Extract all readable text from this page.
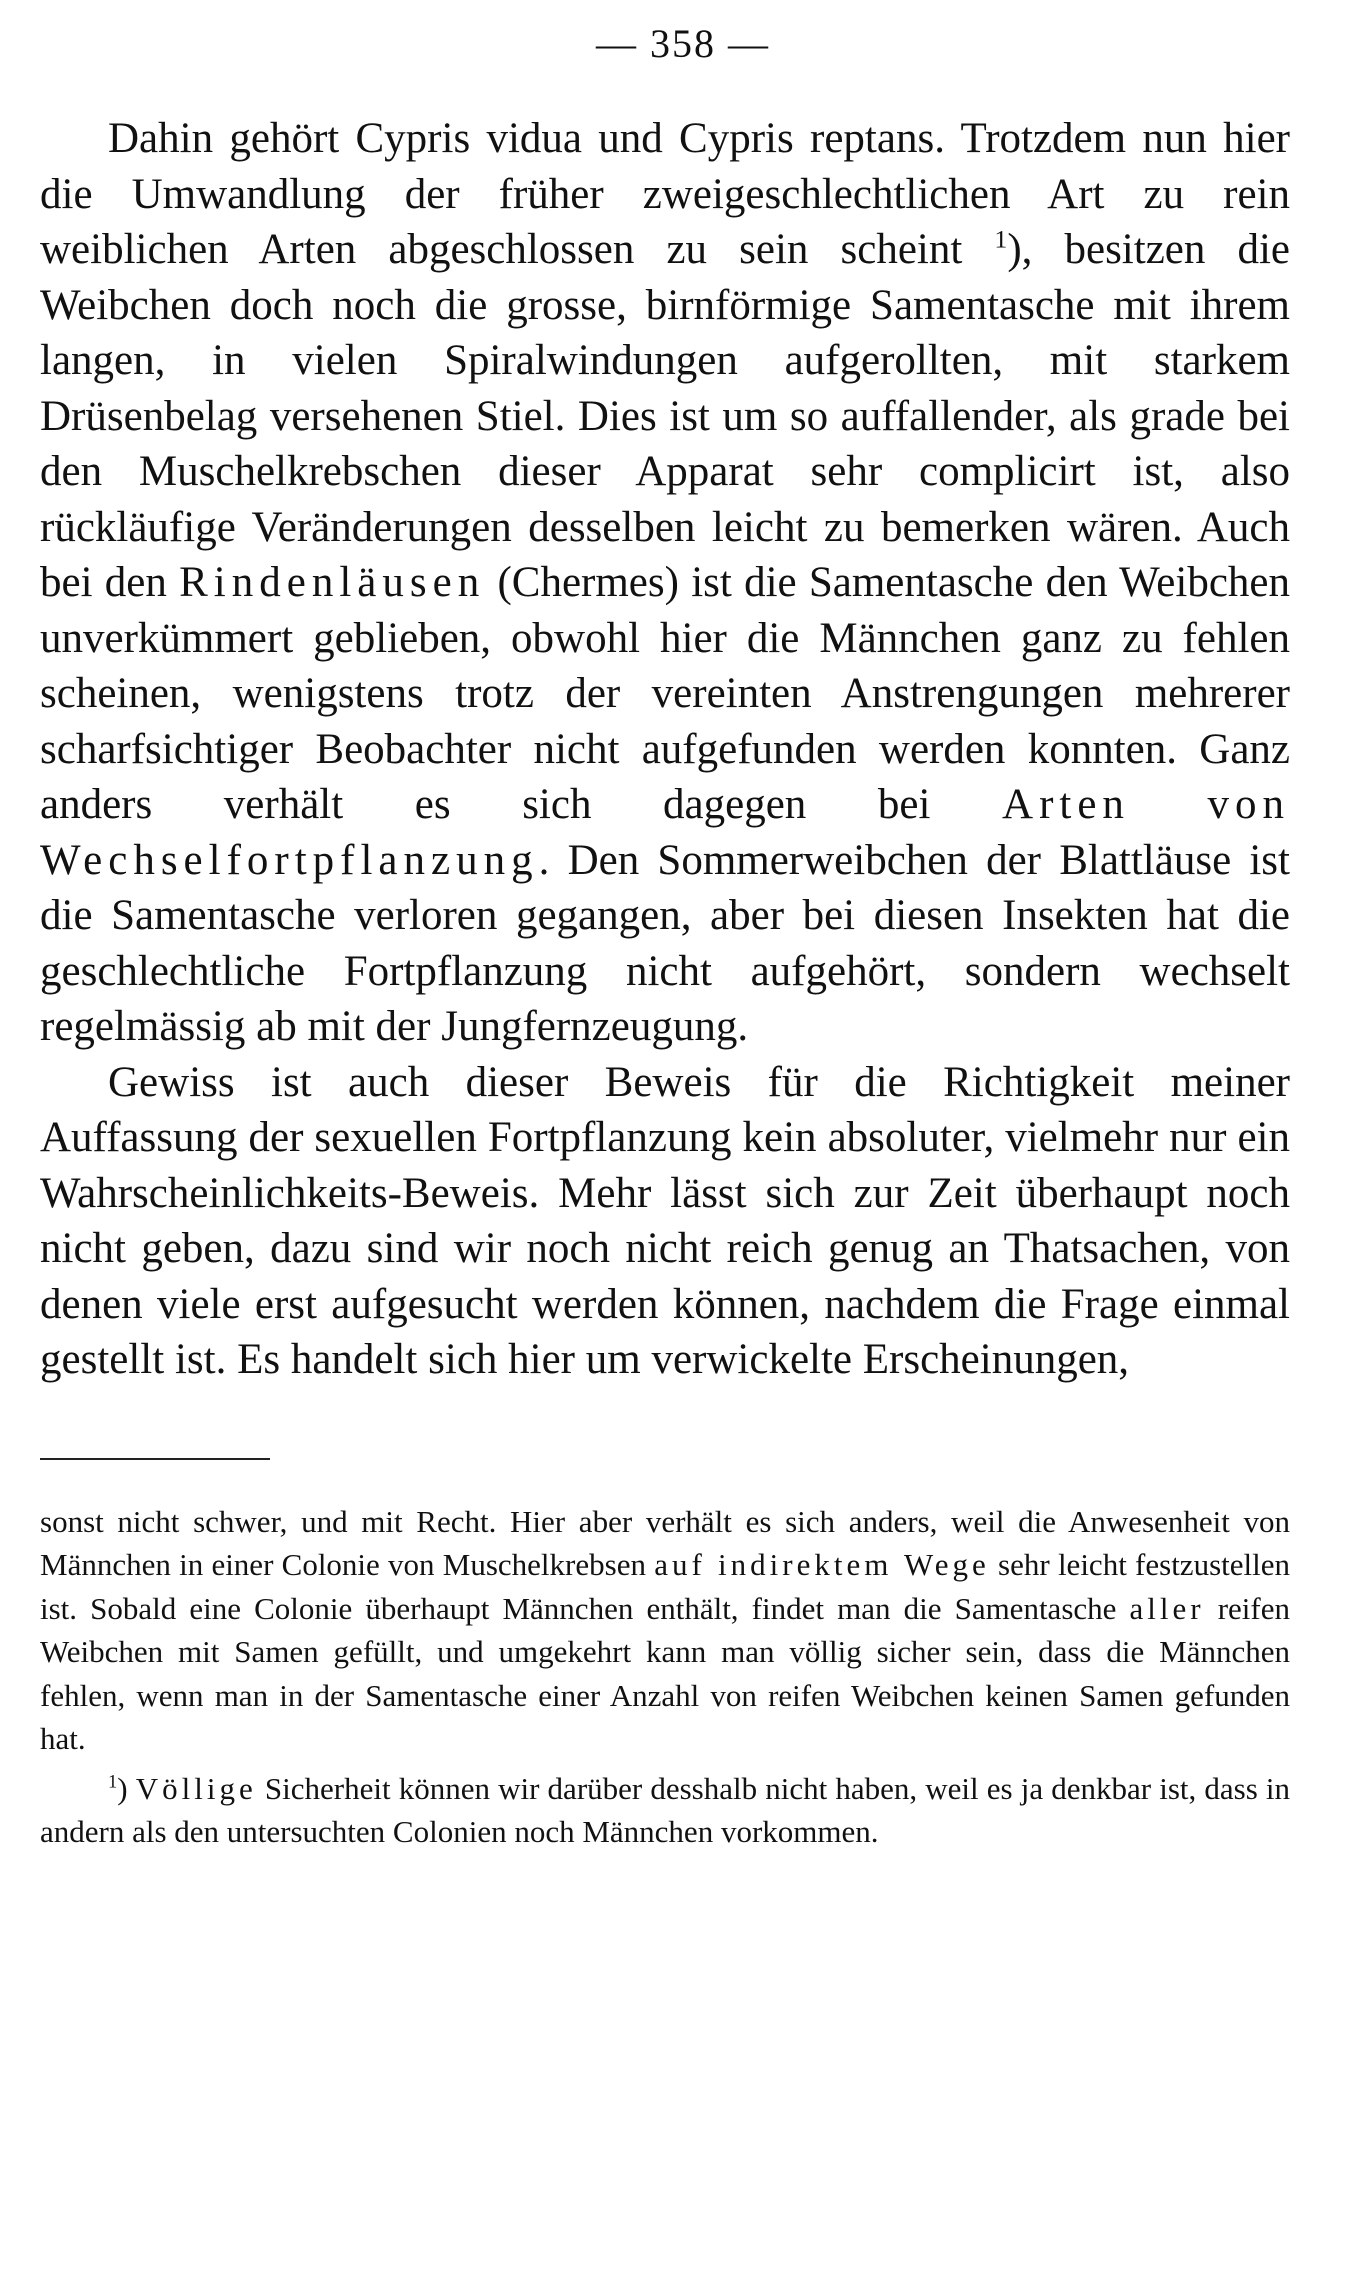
— 358 —

Dahin gehört Cypris vidua und Cypris reptans. Trotzdem nun hier die Umwandlung der früher zweigeschlechtlichen Art zu rein weiblichen Arten abgeschlossen zu sein scheint $^1$), besitzen die Weibchen doch noch die grosse, birnförmige Samentasche mit ihrem langen, in vielen Spiralwindungen aufgerollten, mit starkem Drüsenbelag versehenen Stiel. Dies ist um so auffallender, als grade bei den Muschelkrebschen dieser Apparat sehr complicirt ist, also rückläufige Veränderungen desselben leicht zu bemerken wären. Auch bei den Rindenläusen (Chermes) ist die Samentasche den Weibchen unverkümmert geblieben, obwohl hier die Männchen ganz zu fehlen scheinen, wenigstens trotz der vereinten Anstrengungen mehrerer scharfsichtiger Beobachter nicht aufgefunden werden konnten. Ganz anders verhält es sich dagegen bei Arten von Wechselfortpflanzung. Den Sommerweibchen der Blattläuse ist die Samentasche verloren gegangen, aber bei diesen Insekten hat die geschlechtliche Fortpflanzung nicht aufgehört, sondern wechselt regelmässig ab mit der Jungfernzeugung.

Gewiss ist auch dieser Beweis für die Richtigkeit meiner Auffassung der sexuellen Fortpflanzung kein absoluter, vielmehr nur ein Wahrscheinlichkeits-Beweis. Mehr lässt sich zur Zeit überhaupt noch nicht geben, dazu sind wir noch nicht reich genug an Thatsachen, von denen viele erst aufgesucht werden können, nachdem die Frage einmal gestellt ist. Es handelt sich hier um verwickelte Erscheinungen,

sonst nicht schwer, und mit Recht. Hier aber verhält es sich anders, weil die Anwesenheit von Männchen in einer Colonie von Muschelkrebsen auf indirektem Wege sehr leicht festzustellen ist. Sobald eine Colonie überhaupt Männchen enthält, findet man die Samentasche aller reifen Weibchen mit Samen gefüllt, und umgekehrt kann man völlig sicher sein, dass die Männchen fehlen, wenn man in der Samentasche einer Anzahl von reifen Weibchen keinen Samen gefunden hat.

$^1$) Völlige Sicherheit können wir darüber desshalb nicht haben, weil es ja denkbar ist, dass in andern als den untersuchten Colonien noch Männchen vorkommen.
